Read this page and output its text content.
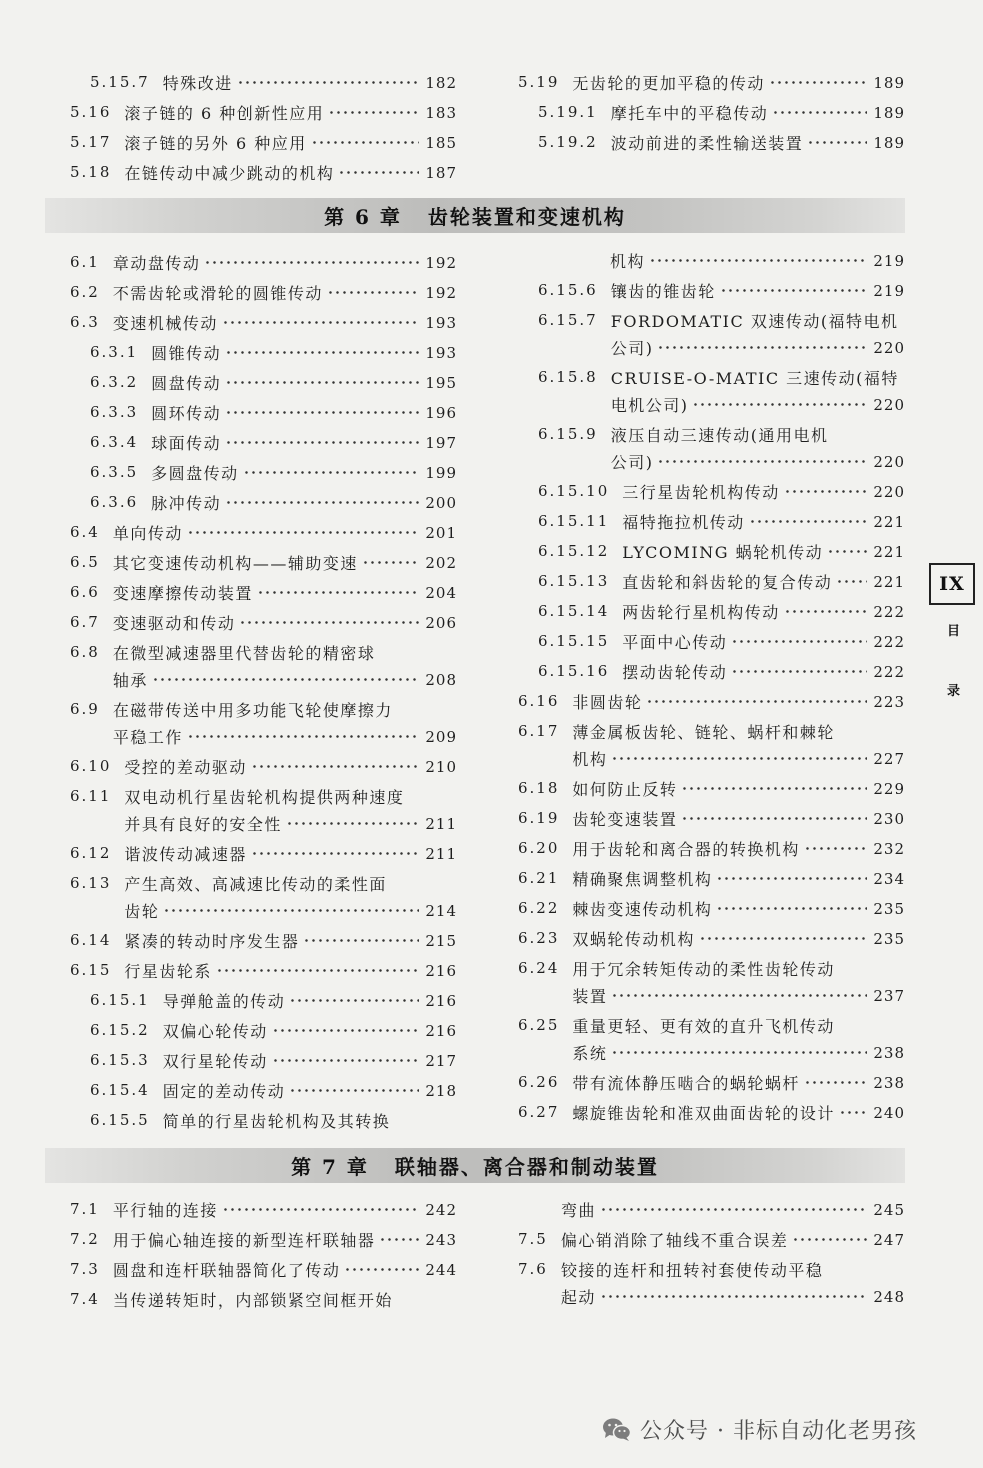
5.15.7 特殊改进	182
5.16 滚子链的 6 种创新性应用	183
5.17 滚子链的另外 6 种应用	185
5.18 在链传动中减少跳动的机构	187
5.19 无齿轮的更加平稳的传动	189
5.19.1 摩托车中的平稳传动	189
5.19.2 波动前进的柔性输送装置	189
第 6 章 齿轮装置和变速机构
6.1 章动盘传动	192
6.2 不需齿轮或滑轮的圆锥传动	192
6.3 变速机械传动	193
6.3.1 圆锥传动	193
6.3.2 圆盘传动	195
6.3.3 圆环传动	196
6.3.4 球面传动	197
6.3.5 多圆盘传动	199
6.3.6 脉冲传动	200
6.4 单向传动	201
6.5 其它变速传动机构——辅助变速	202
6.6 变速摩擦传动装置	204
6.7 变速驱动和传动	206
6.8 在微型减速器里代替齿轮的精密球
轴承	208
6.9 在磁带传送中用多功能飞轮使摩擦力
平稳工作	209
6.10 受控的差动驱动	210
6.11 双电动机行星齿轮机构提供两种速度
并具有良好的安全性	211
6.12 谐波传动减速器	211
6.13 产生高效、高减速比传动的柔性面
齿轮	214
6.14 紧凑的转动时序发生器	215
6.15 行星齿轮系	216
6.15.1 导弹舱盖的传动	216
6.15.2 双偏心轮传动	216
6.15.3 双行星轮传动	217
6.15.4 固定的差动传动	218
6.15.5 简单的行星齿轮机构及其转换
机构	219
6.15.6 镶齿的锥齿轮	219
6.15.7 FORDOMATIC 双速传动(福特电机
公司)	220
6.15.8 CRUISE-O-MATIC 三速传动(福特
电机公司)	220
6.15.9 液压自动三速传动(通用电机
公司)	220
6.15.10 三行星齿轮机构传动	220
6.15.11 福特拖拉机传动	221
6.15.12 LYCOMING 蜗轮机传动	221
6.15.13 直齿轮和斜齿轮的复合传动	221
6.15.14 两齿轮行星机构传动	222
6.15.15 平面中心传动	222
6.15.16 摆动齿轮传动	222
6.16 非圆齿轮	223
6.17 薄金属板齿轮、链轮、蜗杆和棘轮
机构	227
6.18 如何防止反转	229
6.19 齿轮变速装置	230
6.20 用于齿轮和离合器的转换机构	232
6.21 精确聚焦调整机构	234
6.22 棘齿变速传动机构	235
6.23 双蜗轮传动机构	235
6.24 用于冗余转矩传动的柔性齿轮传动
装置	237
6.25 重量更轻、更有效的直升飞机传动
系统	238
6.26 带有流体静压啮合的蜗轮蜗杆	238
6.27 螺旋锥齿轮和准双曲面齿轮的设计	240
第 7 章 联轴器、离合器和制动装置
7.1 平行轴的连接	242
7.2 用于偏心轴连接的新型连杆联轴器	243
7.3 圆盘和连杆联轴器简化了传动	244
7.4 当传递转矩时，内部锁紧空间框开始
弯曲	245
7.5 偏心销消除了轴线不重合误差	247
7.6 铰接的连杆和扭转衬套使传动平稳
起动	248
IX
目
录
公众号 · 非标自动化老男孩
